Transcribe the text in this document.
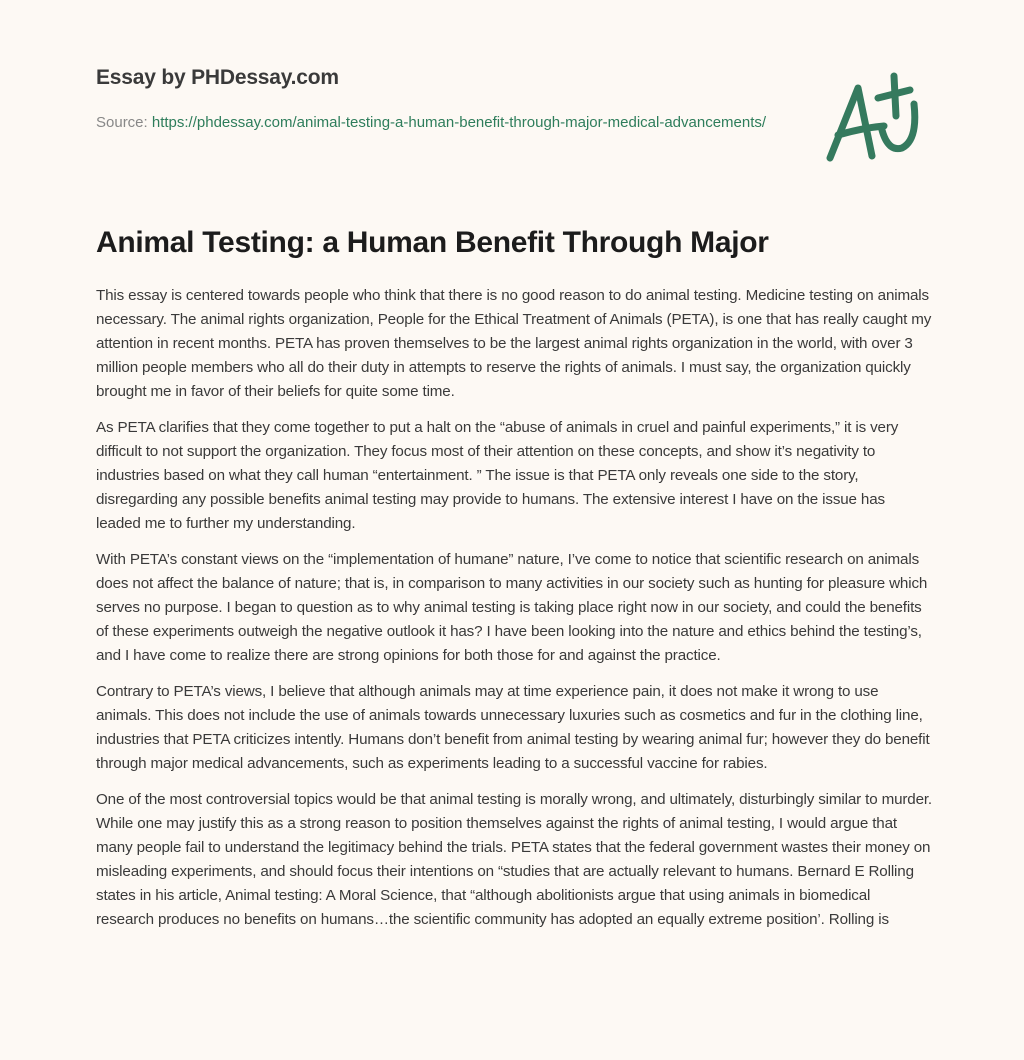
Essay by PHDessay.com
Source: https://phdessay.com/animal-testing-a-human-benefit-through-major-medical-advancements/
Animal Testing: a Human Benefit Through Major

This essay is centered towards people who think that there is no good reason to do animal testing. Medicine testing on animals necessary. The animal rights organization, People for the Ethical Treatment of Animals (PETA), is one that has really caught my attention in recent months. PETA has proven themselves to be the largest animal rights organization in the world, with over 3 million people members who all do their duty in attempts to reserve the rights of animals. I must say, the organization quickly brought me in favor of their beliefs for quite some time.

As PETA clarifies that they come together to put a halt on the “abuse of animals in cruel and painful experiments,” it is very difficult to not support the organization. They focus most of their attention on these concepts, and show it’s negativity to industries based on what they call human “entertainment. ” The issue is that PETA only reveals one side to the story, disregarding any possible benefits animal testing may provide to humans. The extensive interest I have on the issue has leaded me to further my understanding.

With PETA’s constant views on the “implementation of humane” nature, I’ve come to notice that scientific research on animals does not affect the balance of nature; that is, in comparison to many activities in our society such as hunting for pleasure which serves no purpose. I began to question as to why animal testing is taking place right now in our society, and could the benefits of these experiments outweigh the negative outlook it has? I have been looking into the nature and ethics behind the testing’s, and I have come to realize there are strong opinions for both those for and against the practice.

Contrary to PETA’s views, I believe that although animals may at time experience pain, it does not make it wrong to use animals. This does not include the use of animals towards unnecessary luxuries such as cosmetics and fur in the clothing line, industries that PETA criticizes intently. Humans don’t benefit from animal testing by wearing animal fur; however they do benefit through major medical advancements, such as experiments leading to a successful vaccine for rabies.

One of the most controversial topics would be that animal testing is morally wrong, and ultimately, disturbingly similar to murder. While one may justify this as a strong reason to position themselves against the rights of animal testing, I would argue that many people fail to understand the legitimacy behind the trials. PETA states that the federal government wastes their money on misleading experiments, and should focus their intentions on “studies that are actually relevant to humans. Bernard E Rolling states in his article, Animal testing: A Moral Science, that “although abolitionists argue that using animals in biomedical research produces no benefits on humans…the scientific community has adopted an equally extreme position’. Rolling is
